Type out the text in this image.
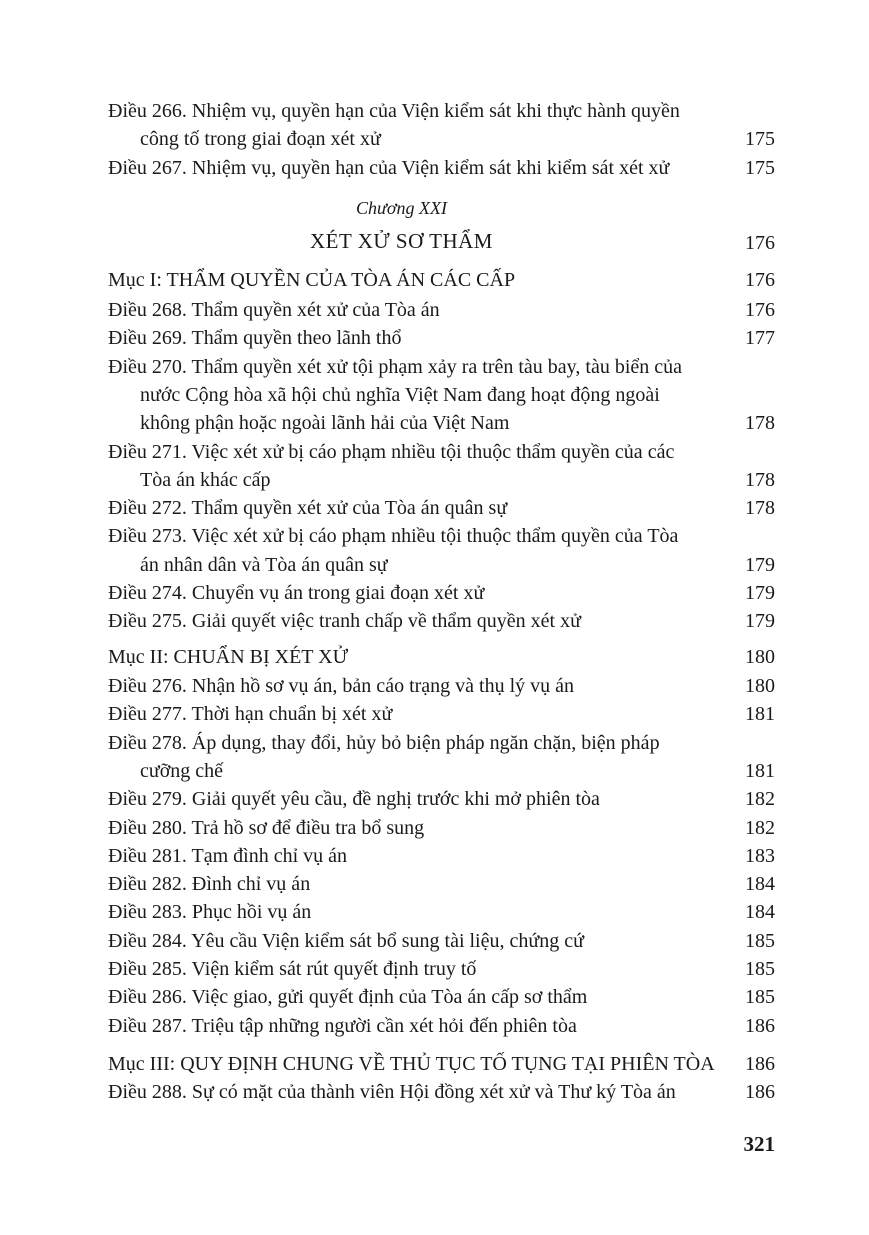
Điều 266. Nhiệm vụ, quyền hạn của Viện kiểm sát khi thực hành quyền
công tố trong giai đoạn xét xử	175
Điều 267. Nhiệm vụ, quyền hạn của Viện kiểm sát khi kiểm sát xét xử	175
Chương XXI
XÉT XỬ SƠ THẨM	176
Mục I: THẨM QUYỀN CỦA TÒA ÁN CÁC CẤP	176
Điều 268. Thẩm quyền xét xử của Tòa án	176
Điều 269. Thẩm quyền theo lãnh thổ	177
Điều 270. Thẩm quyền xét xử tội phạm xảy ra trên tàu bay, tàu biển của
nước Cộng hòa xã hội chủ nghĩa Việt Nam đang hoạt động ngoài
không phận hoặc ngoài lãnh hải của Việt Nam	178
Điều 271. Việc xét xử bị cáo phạm nhiều tội thuộc thẩm quyền của các
Tòa án khác cấp	178
Điều 272. Thẩm quyền xét xử của Tòa án quân sự	178
Điều 273. Việc xét xử bị cáo phạm nhiều tội thuộc thẩm quyền của Tòa
án nhân dân và Tòa án quân sự	179
Điều 274. Chuyển vụ án trong giai đoạn xét xử	179
Điều 275. Giải quyết việc tranh chấp về thẩm quyền xét xử	179
Mục II: CHUẨN BỊ XÉT XỬ	180
Điều 276. Nhận hồ sơ vụ án, bản cáo trạng và thụ lý vụ án	180
Điều 277. Thời hạn chuẩn bị xét xử	181
Điều 278. Áp dụng, thay đổi, hủy bỏ biện pháp ngăn chặn, biện pháp
cưỡng chế	181
Điều 279. Giải quyết yêu cầu, đề nghị trước khi mở phiên tòa	182
Điều 280. Trả hồ sơ để điều tra bổ sung	182
Điều 281. Tạm đình chỉ vụ án	183
Điều 282. Đình chỉ vụ án	184
Điều 283. Phục hồi vụ án	184
Điều 284. Yêu cầu Viện kiểm sát bổ sung tài liệu, chứng cứ	185
Điều 285. Viện kiểm sát rút quyết định truy tố	185
Điều 286. Việc giao, gửi quyết định của Tòa án cấp sơ thẩm	185
Điều 287. Triệu tập những người cần xét hỏi đến phiên tòa	186
Mục III: QUY ĐỊNH CHUNG VỀ THỦ TỤC TỐ TỤNG TẠI PHIÊN TÒA 186
Điều 288. Sự có mặt của thành viên Hội đồng xét xử và Thư ký Tòa án	186
321
